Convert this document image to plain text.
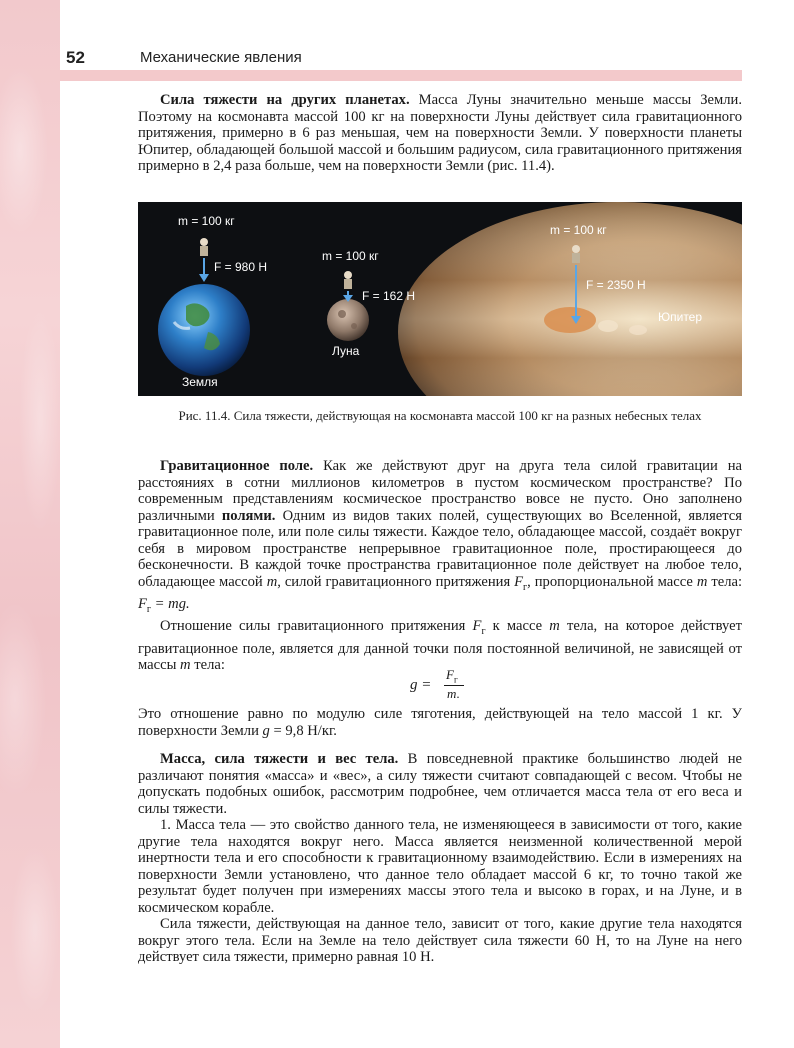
52	Механические явления

Сила тяжести на других планетах. Масса Луны значительно меньше массы Земли. Поэтому на космонавта массой 100 кг на поверхности Луны действует сила гравитационного притяжения, примерно в 6 раз меньшая, чем на поверхности Земли. У поверхности планеты Юпитер, обладающей большой массой и большим радиусом, сила гравитационного притяжения примерно в 2,4 раза больше, чем на поверхности Земли (рис. 11.4).

m = 100 кг
F = 980 Н
Земля
m = 100 кг
F = 162 Н
Луна
m = 100 кг
F = 2350 Н
Юпитер
Рис. 11.4. Сила тяжести, действующая на космонавта массой 100 кг на разных небесных телах

Гравитационное поле. Как же действуют друг на друга тела силой гравитации на расстояниях в сотни миллионов километров в пустом космическом пространстве? По современным представлениям космическое пространство вовсе не пусто. Оно заполнено различными полями. Одним из видов таких полей, существующих во Вселенной, является гравитационное поле, или поле силы тяжести. Каждое тело, обладающее массой, создаёт вокруг себя в мировом пространстве непрерывное гравитационное поле, простирающееся до бесконечности. В каждой точке пространства гравитационное поле действует на любое тело, обладающее массой m, силой гравитационного притяжения $F_г$, пропорциональной массе m тела: $F_г$ = mg.

Отношение силы гравитационного притяжения $F_г$ к массе m тела, на которое действует гравитационное поле, является для данной точки поля постоянной величиной, не зависящей от массы m тела:

g =
$F_г$
m.

Это отношение равно по модулю силе тяготения, действующей на тело массой 1 кг. У поверхности Земли g = 9,8 Н/кг.

Масса, сила тяжести и вес тела. В повседневной практике большинство людей не различают понятия «масса» и «вес», а силу тяжести считают совпадающей с весом. Чтобы не допускать подобных ошибок, рассмотрим подробнее, чем отличается масса тела от его веса и силы тяжести.

1. Масса тела — это свойство данного тела, не изменяющееся в зависимости от того, какие другие тела находятся вокруг него. Масса является неизменной количественной мерой инертности тела и его способности к гравитационному взаимодействию. Если в измерениях на поверхности Земли установлено, что данное тело обладает массой 6 кг, то точно такой же результат будет получен при измерениях массы этого тела и высоко в горах, и на Луне, и в космическом корабле.

Сила тяжести, действующая на данное тело, зависит от того, какие другие тела находятся вокруг этого тела. Если на Земле на тело действует сила тяжести 60 Н, то на Луне на него действует сила тяжести, примерно равная 10 Н.
